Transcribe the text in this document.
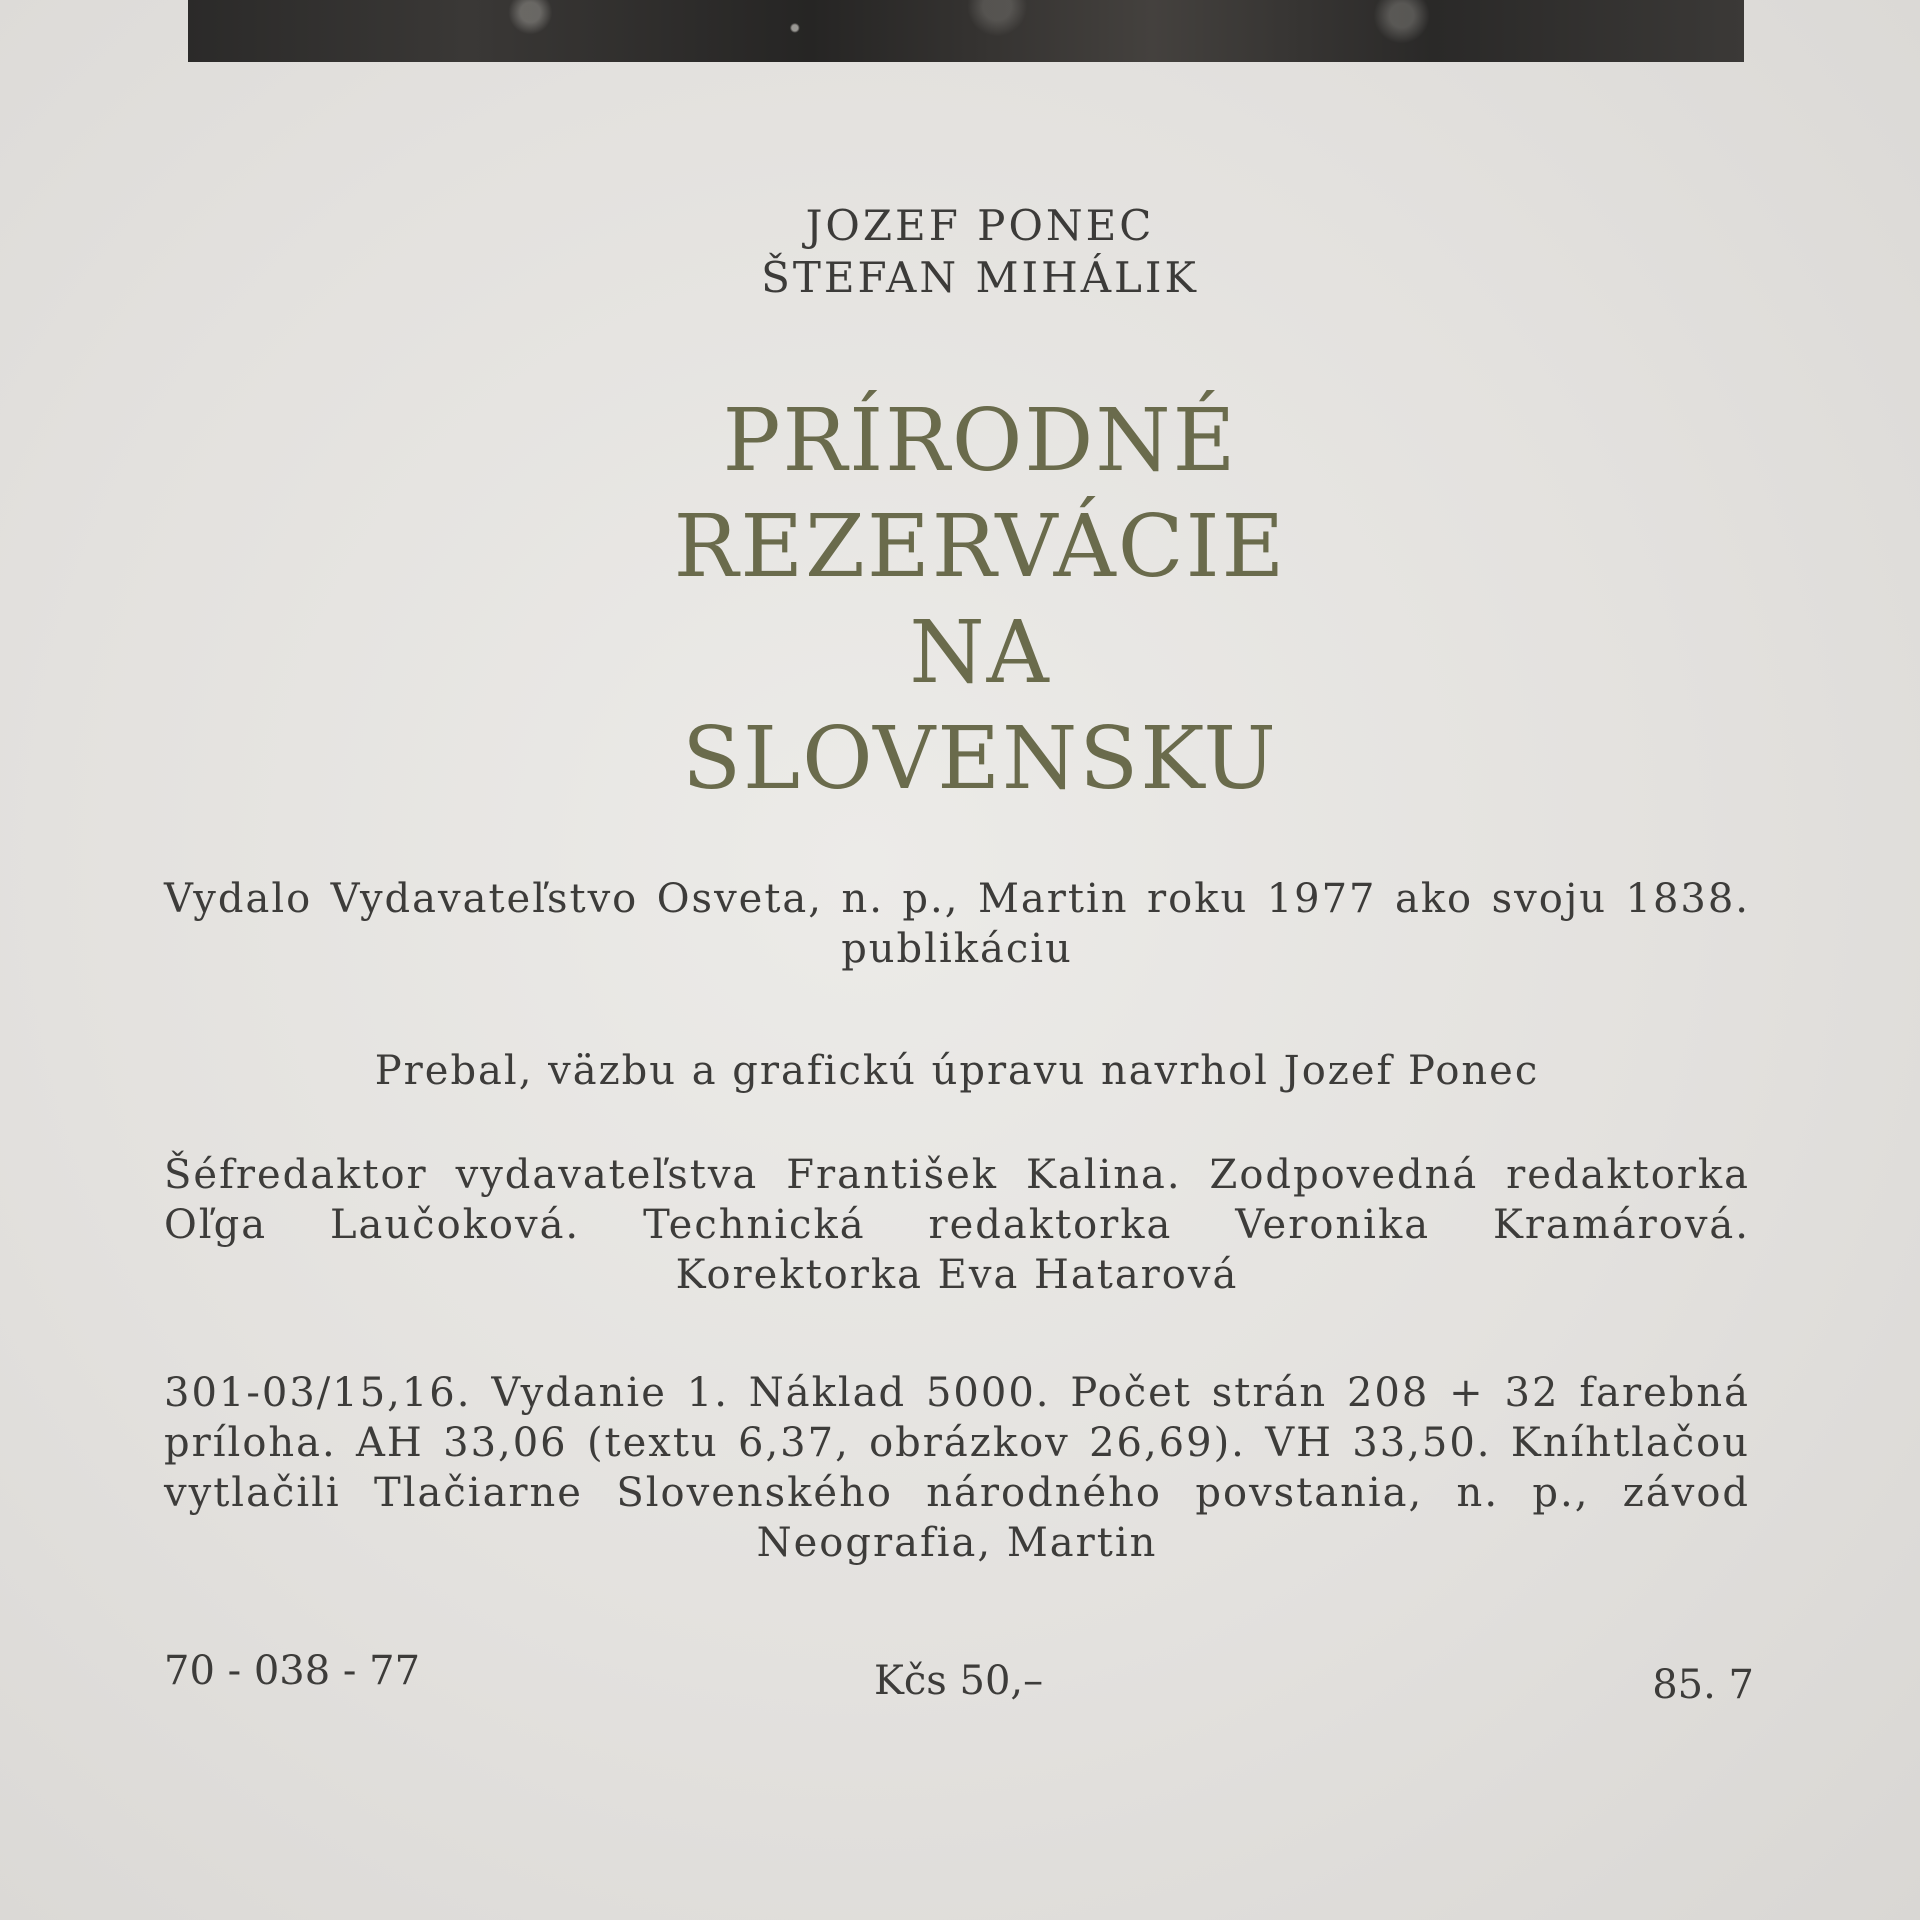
JOZEF PONEC
ŠTEFAN MIHÁLIK
PRÍRODNÉ
REZERVÁCIE
NA
SLOVENSKU
Vydalo Vydavateľstvo Osveta, n. p., Martin roku 1977 ako svoju 1838. publikáciu
Prebal, väzbu a grafickú úpravu navrhol Jozef Ponec
Šéfredaktor vydavateľstva František Kalina. Zodpovedná redaktorka Oľga Laučoková. Technická redaktorka Veronika Kramárová. Korektorka Eva Hatarová
301-03/15,16. Vydanie 1. Náklad 5000. Počet strán 208 + 32 farebná príloha. AH 33,06 (textu 6,37, obrázkov 26,69). VH 33,50. Kníhtlačou vytlačili Tlačiarne Slovenského národného povstania, n. p., závod Neografia, Martin
70 - 038 - 77	Kčs 50,–	85. 7
